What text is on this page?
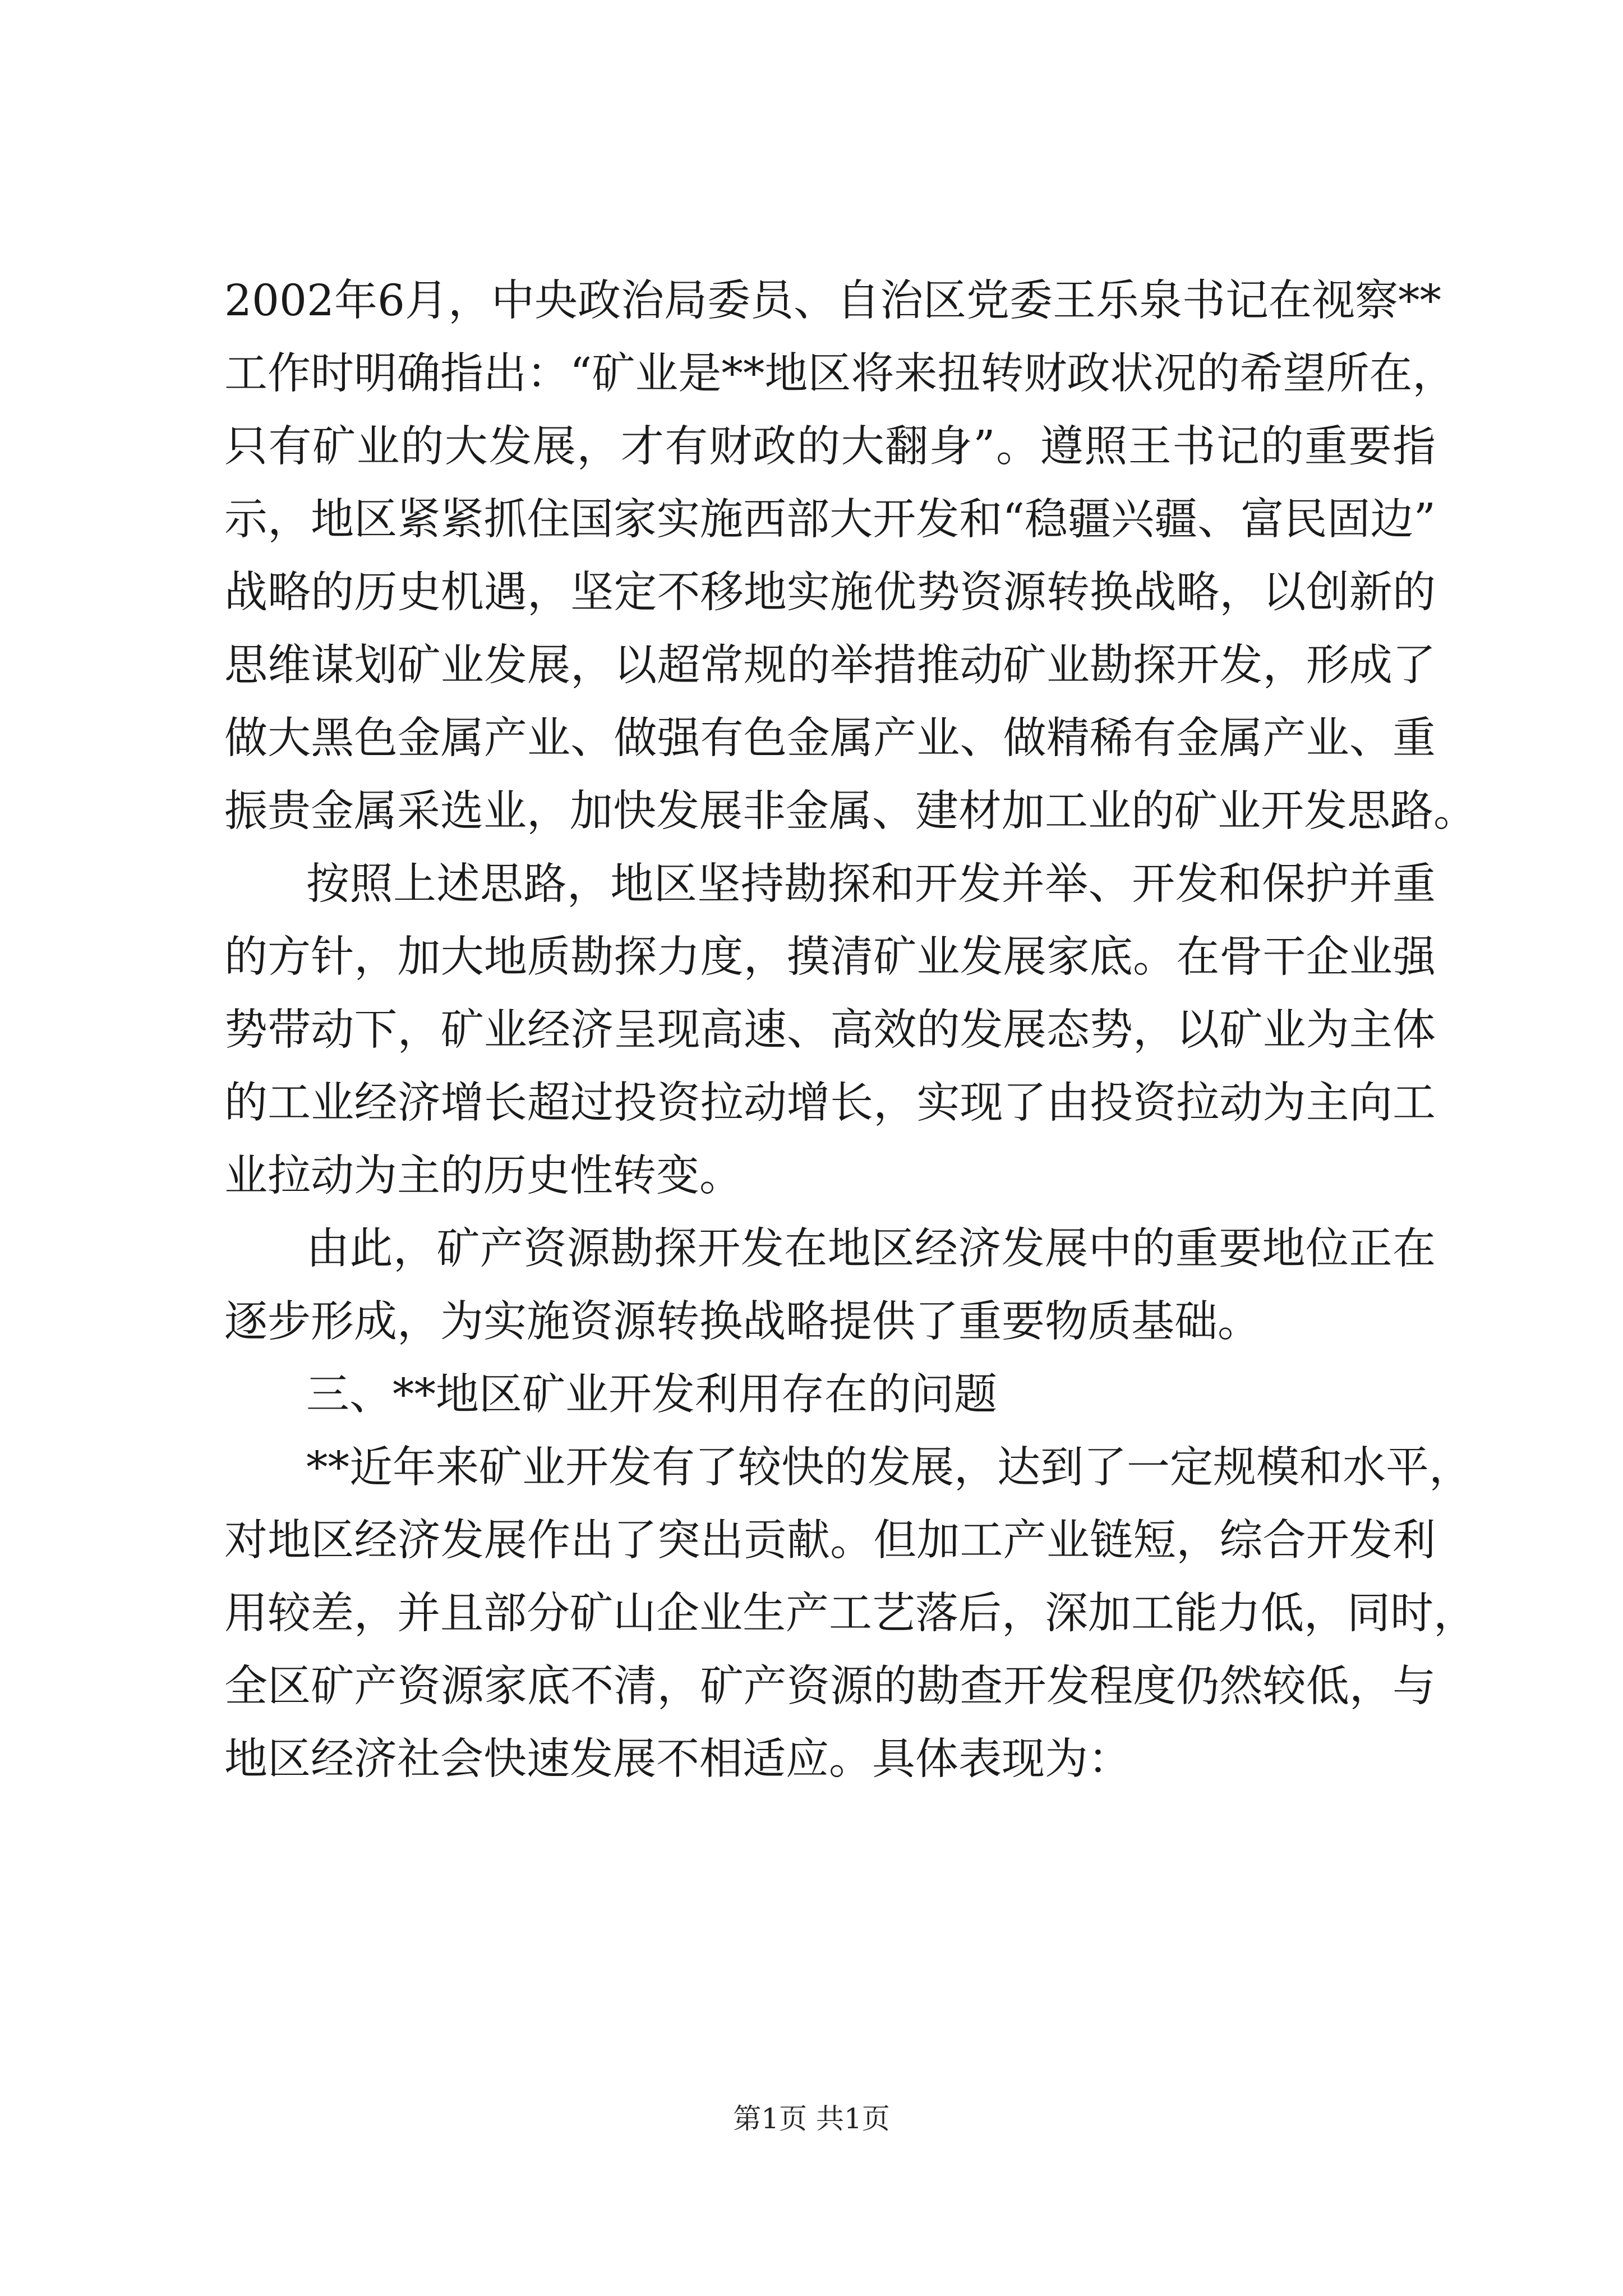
2002年6月，中央政治局委员、自治区党委王乐泉书记在视察**
工作时明确指出：“矿业是**地区将来扭转财政状况的希望所在，
只有矿业的大发展，才有财政的大翻身”。遵照王书记的重要指
示，地区紧紧抓住国家实施西部大开发和“稳疆兴疆、富民固边”
战略的历史机遇，坚定不移地实施优势资源转换战略，以创新的
思维谋划矿业发展，以超常规的举措推动矿业勘探开发，形成了
做大黑色金属产业、做强有色金属产业、做精稀有金属产业、重
振贵金属采选业，加快发展非金属、建材加工业的矿业开发思路。
按照上述思路，地区坚持勘探和开发并举、开发和保护并重
的方针，加大地质勘探力度，摸清矿业发展家底。在骨干企业强
势带动下，矿业经济呈现高速、高效的发展态势，以矿业为主体
的工业经济增长超过投资拉动增长，实现了由投资拉动为主向工
业拉动为主的历史性转变。
由此，矿产资源勘探开发在地区经济发展中的重要地位正在
逐步形成，为实施资源转换战略提供了重要物质基础。
三、**地区矿业开发利用存在的问题
**近年来矿业开发有了较快的发展，达到了一定规模和水平，
对地区经济发展作出了突出贡献。但加工产业链短，综合开发利
用较差，并且部分矿山企业生产工艺落后，深加工能力低，同时，
全区矿产资源家底不清，矿产资源的勘查开发程度仍然较低，与
地区经济社会快速发展不相适应。具体表现为：
第1页 共1页
